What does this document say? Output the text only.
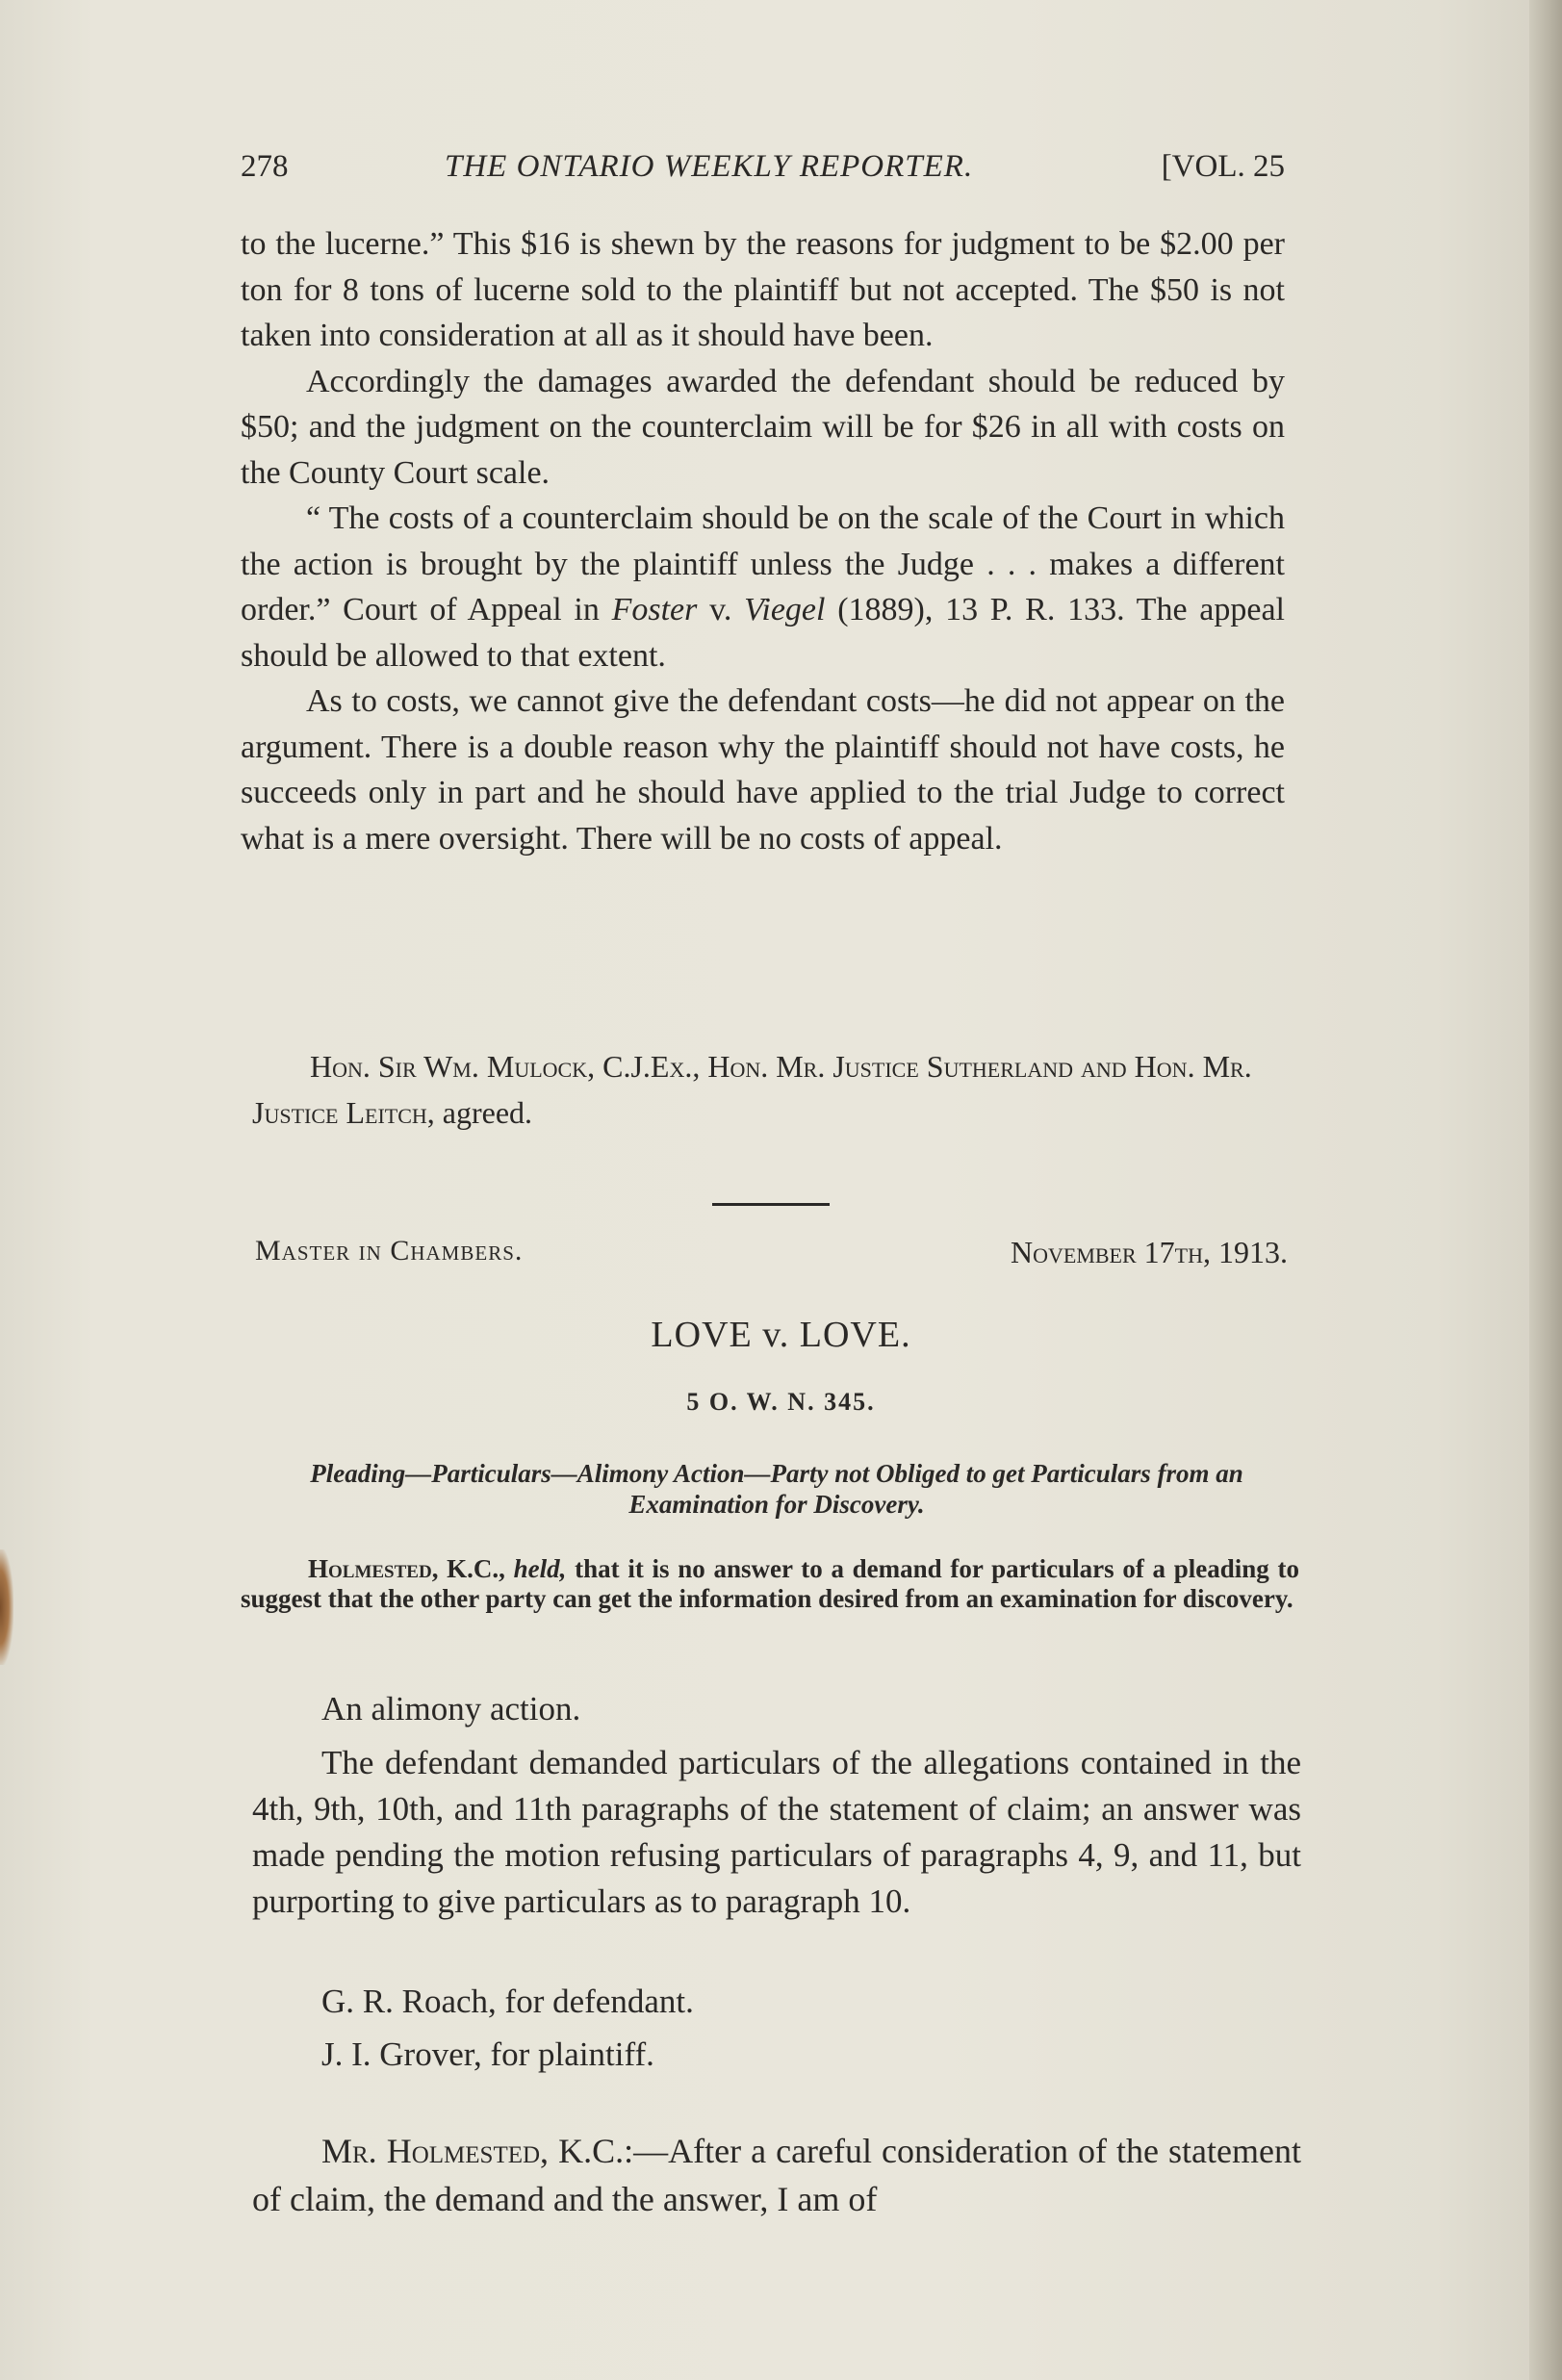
278	THE ONTARIO WEEKLY REPORTER.	[VOL. 25

to the lucerne.” This $16 is shewn by the reasons for judgment to be $2.00 per ton for 8 tons of lucerne sold to the plaintiff but not accepted. The $50 is not taken into consideration at all as it should have been.

Accordingly the damages awarded the defendant should be reduced by $50; and the judgment on the counterclaim will be for $26 in all with costs on the County Court scale.

“ The costs of a counterclaim should be on the scale of the Court in which the action is brought by the plaintiff unless the Judge . . . makes a different order.” Court of Appeal in Foster v. Viegel (1889), 13 P. R. 133. The appeal should be allowed to that extent.

As to costs, we cannot give the defendant costs—he did not appear on the argument. There is a double reason why the plaintiff should not have costs, he succeeds only in part and he should have applied to the trial Judge to correct what is a mere oversight. There will be no costs of appeal.

Hon. Sir Wm. Mulock, C.J.Ex., Hon. Mr. Justice Sutherland and Hon. Mr. Justice Leitch, agreed.

Master in Chambers.	November 17th, 1913.
LOVE v. LOVE.
5 O. W. N. 345.
Pleading—Particulars—Alimony Action—Party not Obliged to get Particulars from an Examination for Discovery.

Holmested, K.C., held, that it is no answer to a demand for particulars of a pleading to suggest that the other party can get the information desired from an examination for discovery.

An alimony action.

The defendant demanded particulars of the allegations contained in the 4th, 9th, 10th, and 11th paragraphs of the statement of claim; an answer was made pending the motion refusing particulars of paragraphs 4, 9, and 11, but purporting to give particulars as to paragraph 10.

G. R. Roach, for defendant.
J. I. Grover, for plaintiff.

Mr. Holmested, K.C.:—After a careful consideration of the statement of claim, the demand and the answer, I am of
